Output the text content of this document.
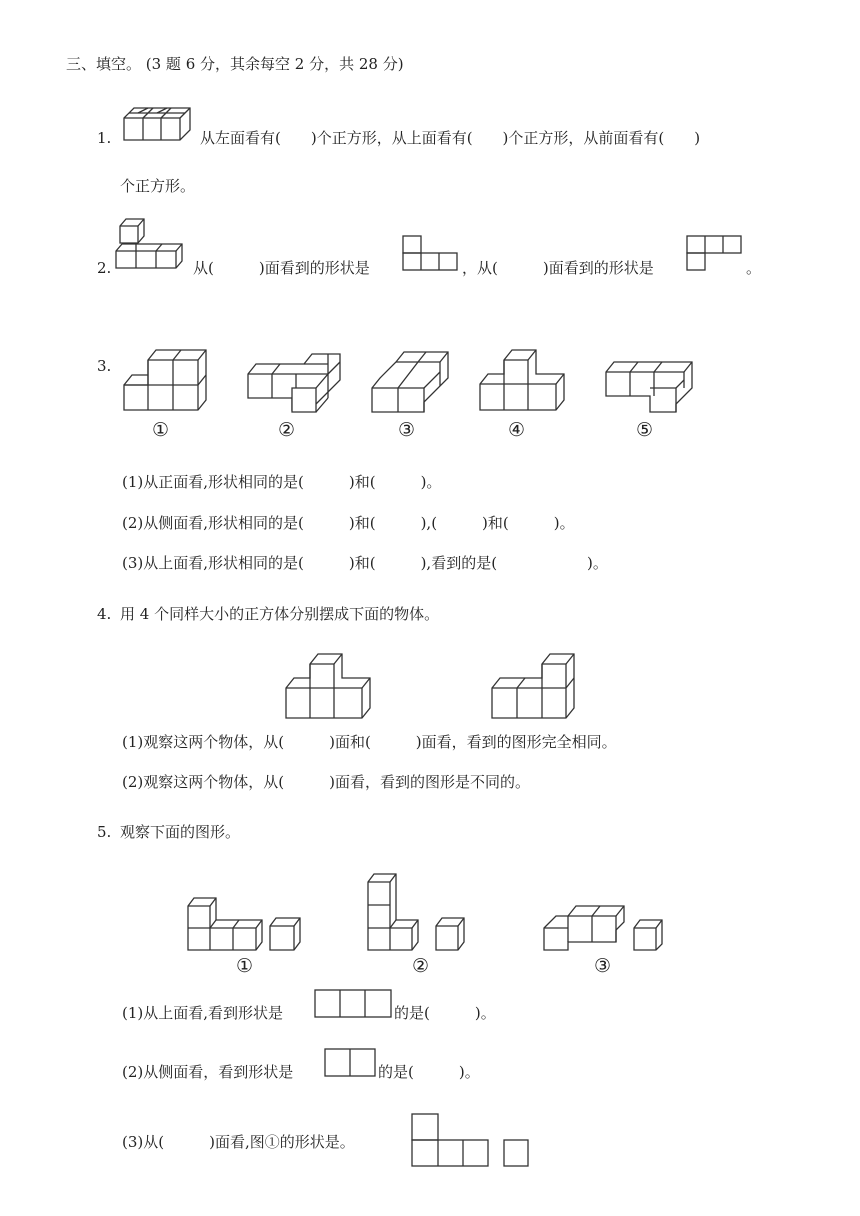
三、填空。 (3 题 6 分，其余每空 2 分，共 28 分)
1.	从左面看有(　　)个正方形，从上面看有(　　)个正方形，从前面看有(　　)
个正方形。
2.	从(　　　)面看到的形状是	，从(　　　)面看到的形状是	。
3.
①	②	③	④	⑤
(1)从正面看,形状相同的是(　　　)和(　　　)。
(2)从侧面看,形状相同的是(　　　)和(　　　),(　　　)和(　　　)。
(3)从上面看,形状相同的是(　　　)和(　　　),看到的是(　　　　　　)。
4. 用 4 个同样大小的正方体分别摆成下面的物体。
(1)观察这两个物体，从(　　　)面和(　　　)面看，看到的图形完全相同。
(2)观察这两个物体，从(　　　)面看，看到的图形是不同的。
5. 观察下面的图形。
①	②	③
(1)从上面看,看到形状是	的是(　　　)。
(2)从侧面看，看到形状是	的是(　　　)。
(3)从(　　　)面看,图①的形状是。
